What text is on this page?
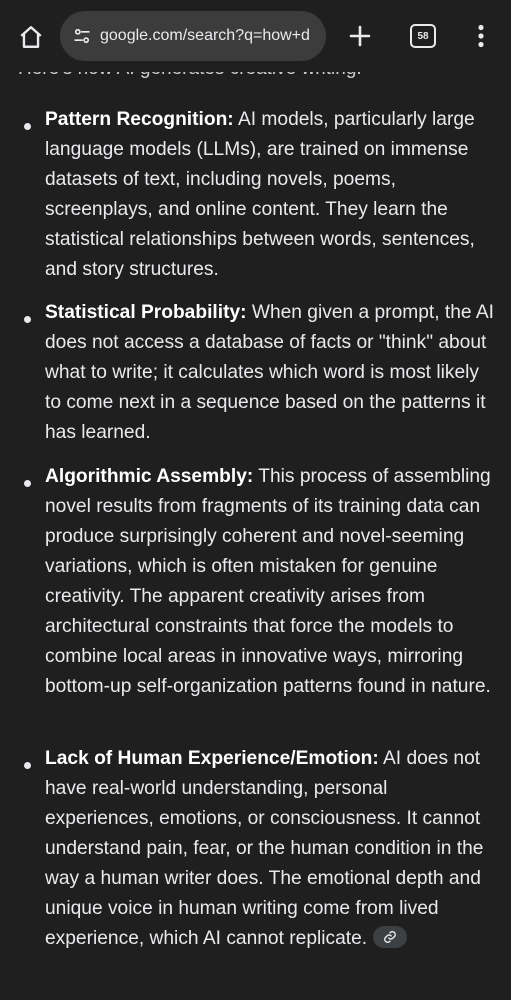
Pattern Recognition: AI models, particularly large language models (LLMs), are trained on immense datasets of text, including novels, poems, screenplays, and online content. They learn the statistical relationships between words, sentences, and story structures.
Statistical Probability: When given a prompt, the AI does not access a database of facts or "think" about what to write; it calculates which word is most likely to come next in a sequence based on the patterns it has learned.
Algorithmic Assembly: This process of assembling novel results from fragments of its training data can produce surprisingly coherent and novel-seeming variations, which is often mistaken for genuine creativity. The apparent creativity arises from architectural constraints that force the models to combine local areas in innovative ways, mirroring bottom-up self-organization patterns found in nature.
Lack of Human Experience/Emotion: AI does not have real-world understanding, personal experiences, emotions, or consciousness. It cannot understand pain, fear, or the human condition in the way a human writer does. The emotional depth and unique voice in human writing come from lived experience, which AI cannot replicate.
google.com/search?q=how+d	58
